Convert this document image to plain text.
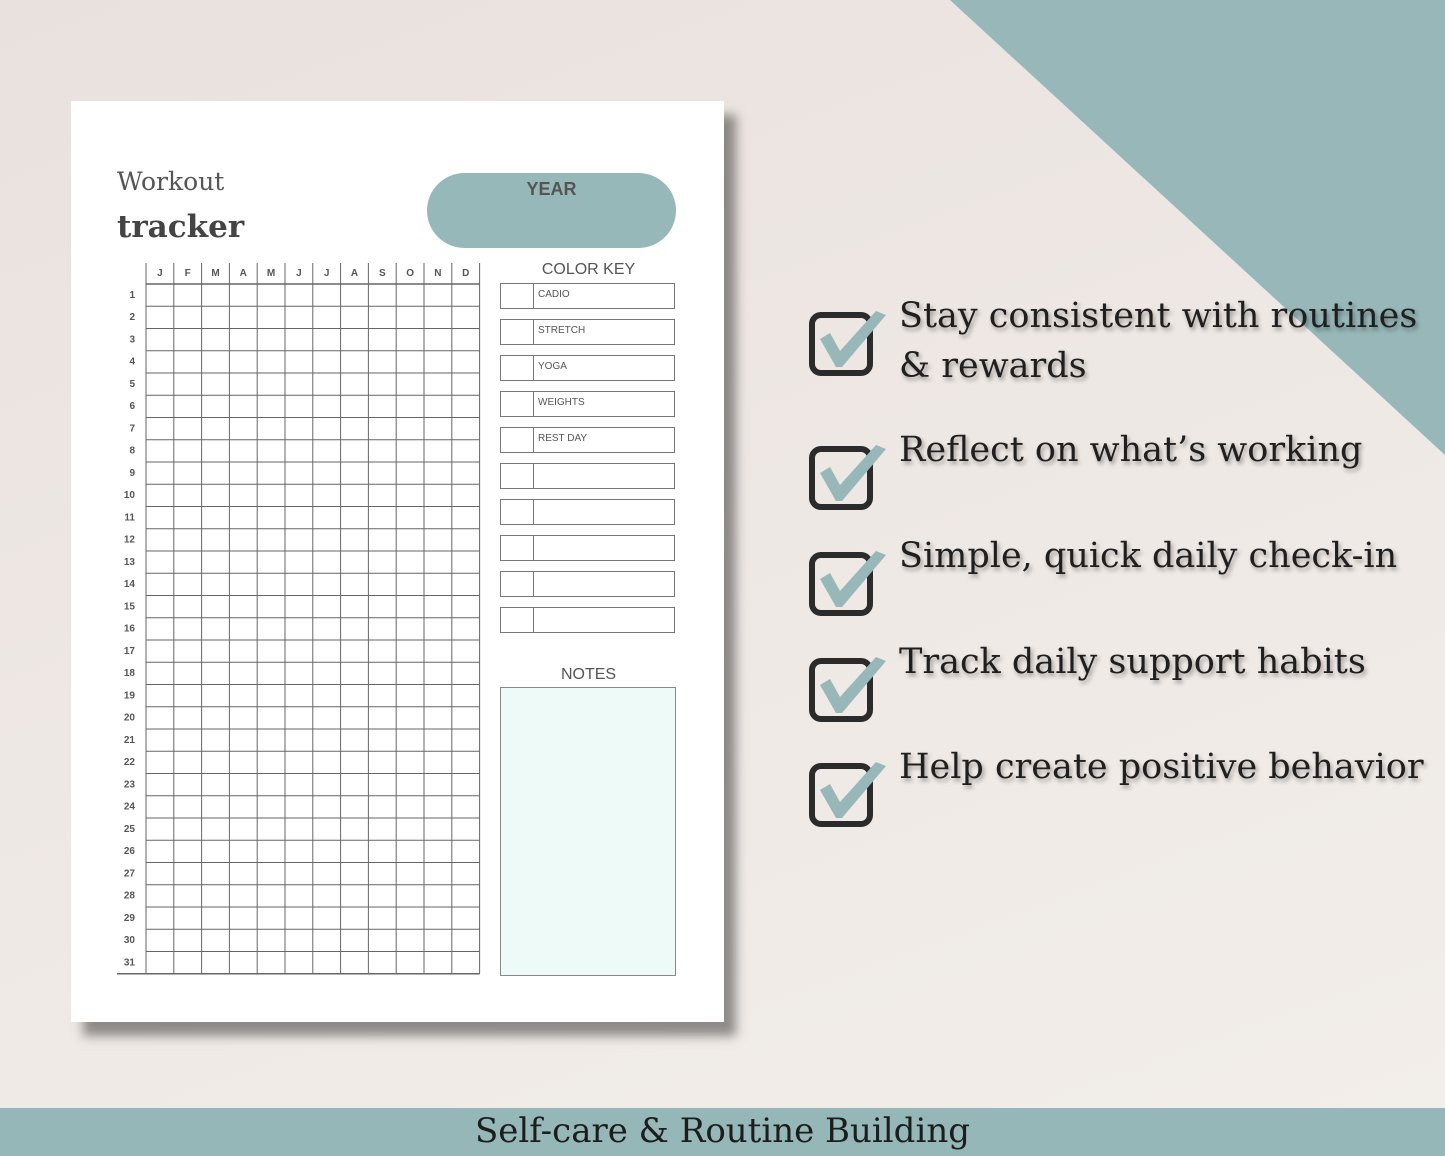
Workout
tracker
YEAR
J F M A M J J A S O N D
1
2
3
4
5
6
7
8
9
10
11
12
13
14
15
16
17
18
19
20
21
22
23
24
25
26
27
28
29
30
31
COLOR KEY
CADIO
STRETCH
YOGA
WEIGHTS
REST DAY
NOTES
Stay consistent with routines & rewards
Reflect on what’s working
Simple, quick daily check-in
Track daily support habits
Help create positive behavior
Self-care & Routine Building
